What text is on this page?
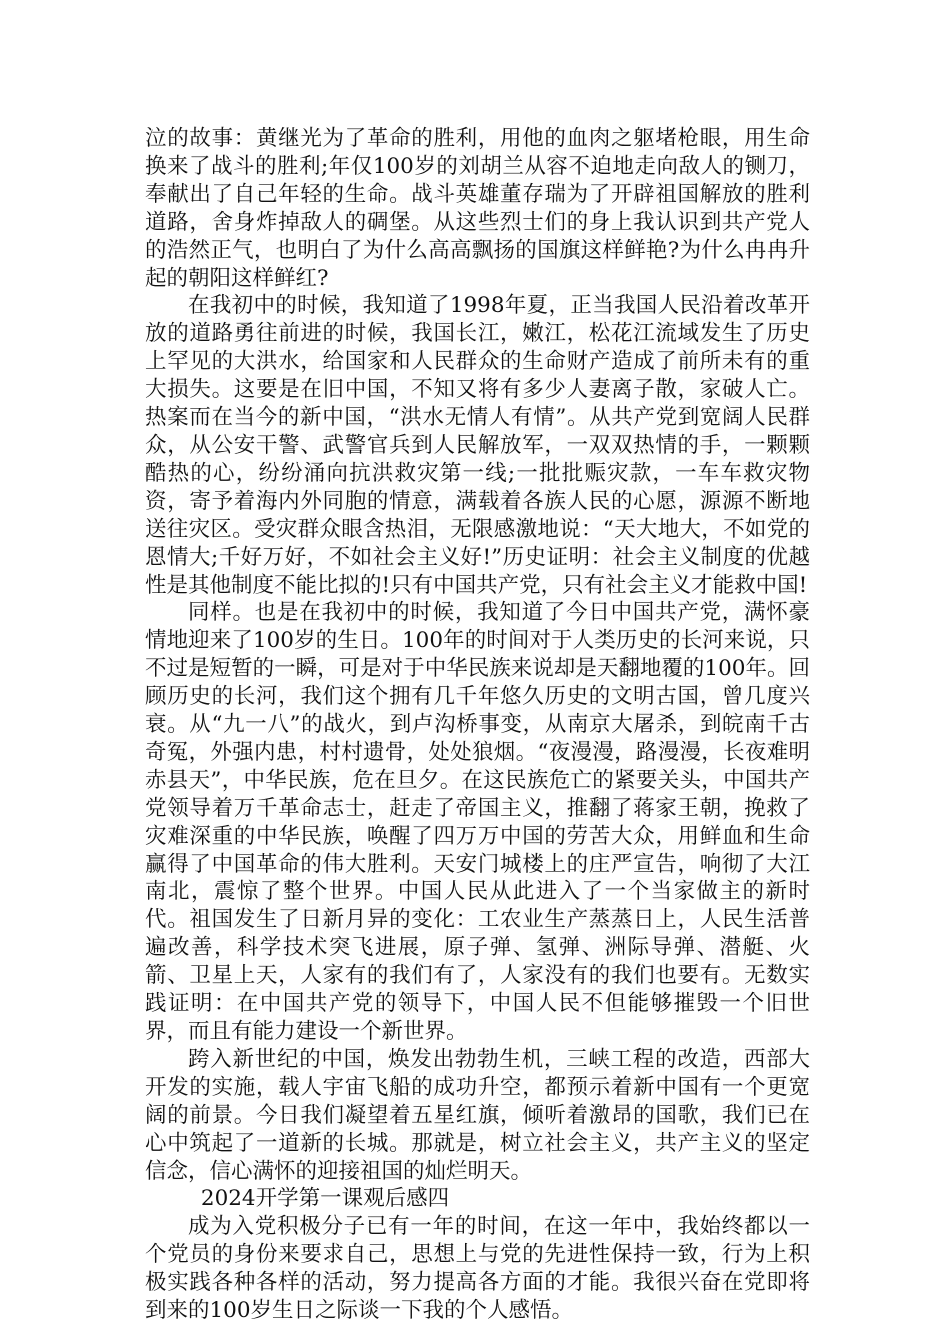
泣的故事：黄继光为了革命的胜利，用他的血肉之躯堵枪眼，用生命换来了战斗的胜利;年仅100岁的刘胡兰从容不迫地走向敌人的铡刀，奉献出了自己年轻的生命。战斗英雄董存瑞为了开辟祖国解放的胜利道路，舍身炸掉敌人的碉堡。从这些烈士们的身上我认识到共产党人的浩然正气，也明白了为什么高高飘扬的国旗这样鲜艳?为什么冉冉升起的朝阳这样鲜红?

在我初中的时候，我知道了1998年夏，正当我国人民沿着改革开放的道路勇往前进的时候，我国长江，嫩江，松花江流域发生了历史上罕见的大洪水，给国家和人民群众的生命财产造成了前所未有的重大损失。这要是在旧中国，不知又将有多少人妻离子散，家破人亡。热案而在当今的新中国，“洪水无情人有情”。从共产党到宽阔人民群众，从公安干警、武警官兵到人民解放军，一双双热情的手，一颗颗酷热的心，纷纷涌向抗洪救灾第一线;一批批赈灾款，一车车救灾物资，寄予着海内外同胞的情意，满载着各族人民的心愿，源源不断地送往灾区。受灾群众眼含热泪，无限感激地说：“天大地大，不如党的恩情大;千好万好，不如社会主义好!”历史证明：社会主义制度的优越性是其他制度不能比拟的!只有中国共产党，只有社会主义才能救中国!

同样。也是在我初中的时候，我知道了今日中国共产党，满怀豪情地迎来了100岁的生日。100年的时间对于人类历史的长河来说，只不过是短暂的一瞬，可是对于中华民族来说却是天翻地覆的100年。回顾历史的长河，我们这个拥有几千年悠久历史的文明古国，曾几度兴衰。从“九一八”的战火，到卢沟桥事变，从南京大屠杀，到皖南千古奇冤，外强内患，村村遗骨，处处狼烟。“夜漫漫，路漫漫，长夜难明赤县天”，中华民族，危在旦夕。在这民族危亡的紧要关头，中国共产党领导着万千革命志士，赶走了帝国主义，推翻了蒋家王朝，挽救了灾难深重的中华民族，唤醒了四万万中国的劳苦大众，用鲜血和生命赢得了中国革命的伟大胜利。天安门城楼上的庄严宣告，响彻了大江南北，震惊了整个世界。中国人民从此进入了一个当家做主的新时代。祖国发生了日新月异的变化：工农业生产蒸蒸日上，人民生活普遍改善，科学技术突飞进展，原子弹、氢弹、洲际导弹、潜艇、火箭、卫星上天，人家有的我们有了，人家没有的我们也要有。无数实践证明：在中国共产党的领导下，中国人民不但能够摧毁一个旧世界，而且有能力建设一个新世界。

跨入新世纪的中国，焕发出勃勃生机，三峡工程的改造，西部大开发的实施，载人宇宙飞船的成功升空，都预示着新中国有一个更宽阔的前景。今日我们凝望着五星红旗，倾听着激昂的国歌，我们已在心中筑起了一道新的长城。那就是，树立社会主义，共产主义的坚定信念，信心满怀的迎接祖国的灿烂明天。

2024开学第一课观后感四

成为入党积极分子已有一年的时间，在这一年中，我始终都以一个党员的身份来要求自己，思想上与党的先进性保持一致，行为上积极实践各种各样的活动，努力提高各方面的才能。我很兴奋在党即将到来的100岁生日之际谈一下我的个人感悟。
